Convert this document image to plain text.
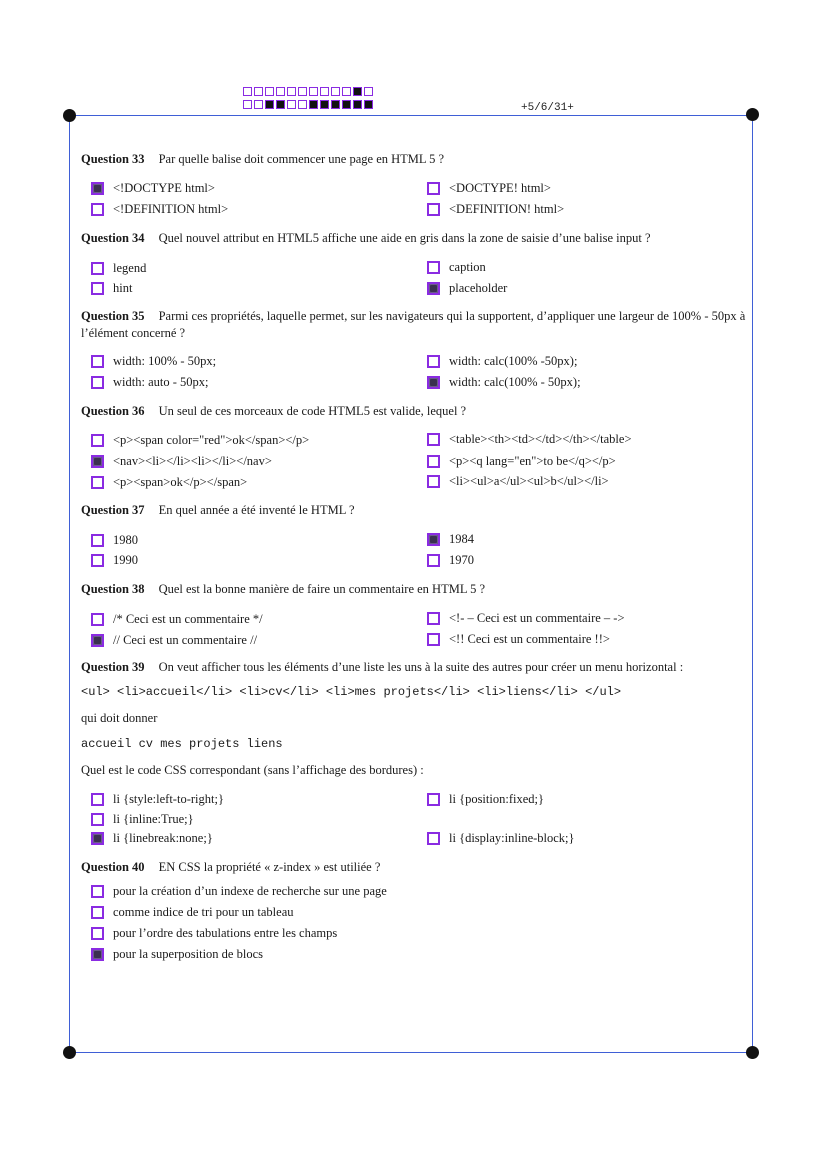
+5/6/31+
Question 33 Par quelle balise doit commencer une page en HTML 5 ?
<!DOCTYPE html>	<DOCTYPE! html>
<!DEFINITION html>	<DEFINITION! html>
Question 34 Quel nouvel attribut en HTML5 affiche une aide en gris dans la zone de saisie d’une balise input ?
legend	caption
hint	placeholder
Question 35 Parmi ces propriétés, laquelle permet, sur les navigateurs qui la supportent, d’appliquer une largeur de 100% - 50px à l’élément concerné ?
width: 100% - 50px;	width: calc(100% -50px);
width: auto - 50px;	width: calc(100% - 50px);
Question 36 Un seul de ces morceaux de code HTML5 est valide, lequel ?
<p><span color="red">ok</span></p>	<table><th><td></td></th></table>
<nav><li></li><li></li></nav>	<p><q lang="en">to be</q></p>
<p><span>ok</p></span>	<li><ul>a</ul><ul>b</ul></li>
Question 37 En quel année a été inventé le HTML ?
1980	1984
1990	1970
Question 38 Quel est la bonne manière de faire un commentaire en HTML 5 ?
/* Ceci est un commentaire */	<!- – Ceci est un commentaire – ->
// Ceci est un commentaire //	<!! Ceci est un commentaire !!>
Question 39 On veut afficher tous les éléments d’une liste les uns à la suite des autres pour créer un menu horizontal :
<ul> <li>accueil</li> <li>cv</li> <li>mes projets</li> <li>liens</li> </ul>
qui doit donner
accueil cv mes projets liens
Quel est le code CSS correspondant (sans l’affichage des bordures) :
li {style:left-to-right;}	li {position:fixed;}
li {inline:True;}
li {linebreak:none;}	li {display:inline-block;}
Question 40 EN CSS la propriété « z-index » est utiliée ?
pour la création d’un indexe de recherche sur une page
comme indice de tri pour un tableau
pour l’ordre des tabulations entre les champs
pour la superposition de blocs
